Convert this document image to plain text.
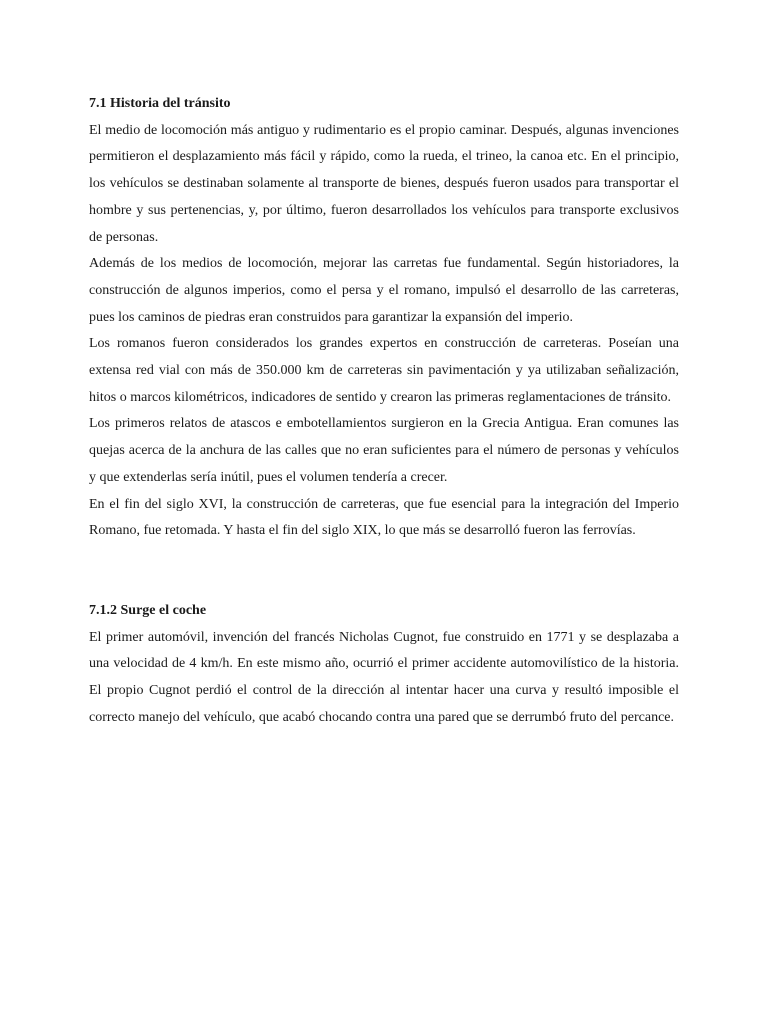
7.1 Historia del tránsito

El medio de locomoción más antiguo y rudimentario es el propio caminar. Después, algunas invenciones permitieron el desplazamiento más fácil y rápido, como la rueda, el trineo, la canoa etc. En el principio, los vehículos se destinaban solamente al transporte de bienes, después fueron usados para transportar el hombre y sus pertenencias, y, por último, fueron desarrollados los vehículos para transporte exclusivos de personas.

Además de los medios de locomoción, mejorar las carretas fue fundamental. Según historiadores, la construcción de algunos imperios, como el persa y el romano, impulsó el desarrollo de las carreteras, pues los caminos de piedras eran construidos para garantizar la expansión del imperio.

Los romanos fueron considerados los grandes expertos en construcción de carreteras. Poseían una extensa red vial con más de 350.000 km de carreteras sin pavimentación y ya utilizaban señalización, hitos o marcos kilométricos, indicadores de sentido y crearon las primeras reglamentaciones de tránsito.

Los primeros relatos de atascos e embotellamientos surgieron en la Grecia Antigua. Eran comunes las quejas acerca de la anchura de las calles que no eran suficientes para el número de personas y vehículos y que extenderlas sería inútil, pues el volumen tendería a crecer.

En el fin del siglo XVI, la construcción de carreteras, que fue esencial para la integración del Imperio Romano, fue retomada. Y hasta el fin del siglo XIX, lo que más se desarrolló fueron las ferrovías.

7.1.2 Surge el coche

El primer automóvil, invención del francés Nicholas Cugnot, fue construido en 1771 y se desplazaba a una velocidad de 4 km/h. En este mismo año, ocurrió el primer accidente automovilístico de la historia. El propio Cugnot perdió el control de la dirección al intentar hacer una curva y resultó imposible el correcto manejo del vehículo, que acabó chocando contra una pared que se derrumbó fruto del percance.
